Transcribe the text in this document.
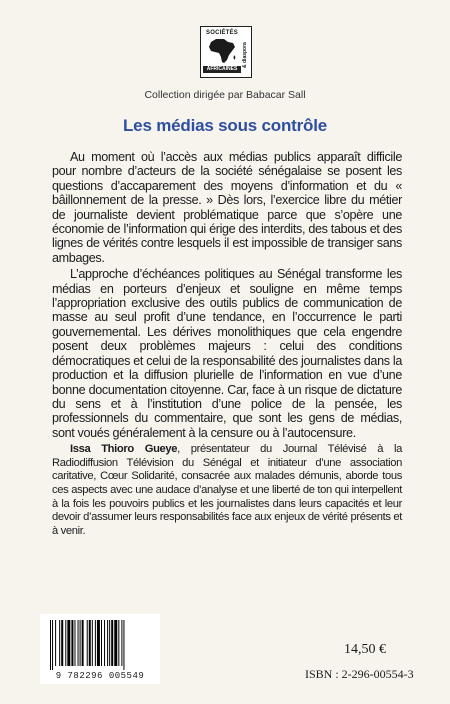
SOCIÉTÉS
AFRICAINES
& diaspora
Collection dirigée par Babacar Sall
Les médias sous contrôle

Au moment où l’accès aux médias publics apparaît difficile pour nombre d’acteurs de la société sénégalaise se posent les questions d’accaparement des moyens d’information et du « bâillonnement de la presse. » Dès lors, l’exercice libre du métier de journaliste devient problématique parce que s’opère une économie de l’information qui érige des interdits, des tabous et des lignes de vérités contre lesquels il est impossible de transiger sans ambages.

L’approche d’échéances politiques au Sénégal transforme les médias en porteurs d’enjeux et souligne en même temps l’appropriation exclusive des outils publics de communication de masse au seul profit d’une tendance, en l’occurrence le parti gouvernemental. Les dérives monolithiques que cela engendre posent deux problèmes majeurs : celui des conditions démocratiques et celui de la responsabilité des journalistes dans la production et la diffusion plurielle de l’information en vue d’une bonne documentation citoyenne. Car, face à un risque de dictature du sens et à l’institution d’une police de la pensée, les professionnels du commentaire, que sont les gens de médias, sont voués généralement à la censure ou à l’autocensure.

Issa Thioro Gueye, présentateur du Journal Télévisé à la Radiodiffusion Télévision du Sénégal et initiateur d’une association caritative, Cœur Solidarité, consacrée aux malades démunis, aborde tous ces aspects avec une audace d’analyse et une liberté de ton qui interpellent à la fois les pouvoirs publics et les journalistes dans leurs capacités et leur devoir d’assumer leurs responsabilités face aux enjeux de vérité présents et à venir.

9 782296 005549
14,50 €
ISBN : 2-296-00554-3
